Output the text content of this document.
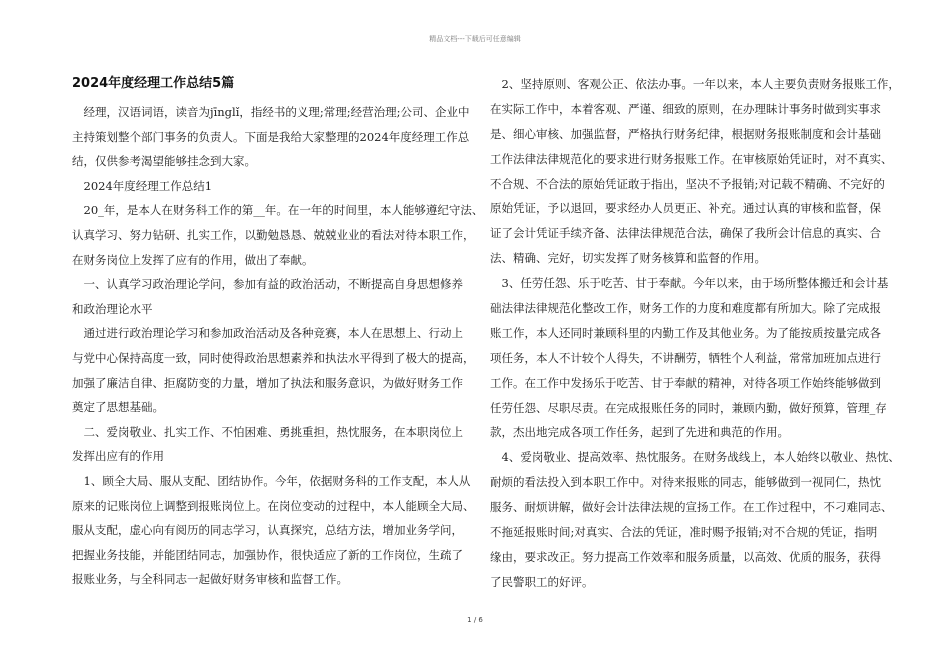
精品文档---下载后可任意编辑
2024年度经理工作总结5篇
　经理，汉语词语，读音为jīnglǐ，指经书的义理;常理;经营治理;公司、企业中
主持策划整个部门事务的负责人。下面是我给大家整理的2024年度经理工作总
结，仅供参考渴望能够挂念到大家。
　2024年度经理工作总结1
　20_年，是本人在财务科工作的第__年。在一年的时间里，本人能够遵纪守法、
认真学习、努力钻研、扎实工作，以勤勉恳恳、兢兢业业的看法对待本职工作，
在财务岗位上发挥了应有的作用，做出了奉献。
　一、认真学习政治理论学问，参加有益的政治活动，不断提高自身思想修养
和政治理论水平
　通过进行政治理论学习和参加政治活动及各种竞赛，本人在思想上、行动上
与党中心保持高度一致，同时使得政治思想素养和执法水平得到了极大的提高，
加强了廉洁自律、拒腐防变的力量，增加了执法和服务意识，为做好财务工作
奠定了思想基础。
　二、爱岗敬业、扎实工作、不怕困难、勇挑重担，热忱服务，在本职岗位上
发挥出应有的作用
　1、顾全大局、服从支配、团结协作。今年，依据财务科的工作支配，本人从
原来的记账岗位上调整到报账岗位上。在岗位变动的过程中，本人能顾全大局、
服从支配，虚心向有阅历的同志学习，认真探究，总结方法，增加业务学问，
把握业务技能，并能团结同志，加强协作，很快适应了新的工作岗位，生疏了
报账业务，与全科同志一起做好财务审核和监督工作。
　2、坚持原则、客观公正、依法办事。一年以来，本人主要负责财务报账工作，
在实际工作中，本着客观、严谨、细致的原则，在办理眛计事务时做到实事求
是、细心审核、加强监督，严格执行财务纪律，根据财务报账制度和会计基础
工作法律法律规范化的要求进行财务报账工作。在审核原始凭证时，对不真实、
不合规、不合法的原始凭证敢于指出，坚决不予报销;对记载不精确、不完好的
原始凭证，予以退回，要求经办人员更正、补充。通过认真的审核和监督，保
证了会计凭证手续齐备、法律法律规范合法，确保了我所会计信息的真实、合
法、精确、完好，切实发挥了财务核算和监督的作用。
　3、任劳任怨、乐于吃苦、甘于奉献。今年以来，由于场所整体搬迁和会计基
础法律法律规范化整改工作，财务工作的力度和难度都有所加大。除了完成报
账工作，本人还同时兼顾科里的内勤工作及其他业务。为了能按质按量完成各
项任务，本人不计较个人得失，不讲酬劳，牺牲个人利益，常常加班加点进行
工作。在工作中发扬乐于吃苦、甘于奉献的精神，对待各项工作始终能够做到
任劳任怨、尽职尽责。在完成报账任务的同时，兼顾内勤，做好预算，管理_存
款，杰出地完成各项工作任务，起到了先进和典范的作用。
　4、爱岗敬业、提高效率、热忱服务。在财务战线上，本人始终以敬业、热忱、
耐烦的看法投入到本职工作中。对待来报账的同志，能够做到一视同仁，热忱
服务、耐烦讲解，做好会计法律法规的宣扬工作。在工作过程中，不刁难同志、
不拖延报账时间;对真实、合法的凭证，准时赐予报销;对不合规的凭证，指明
缘由，要求改正。努力提高工作效率和服务质量，以高效、优质的服务，获得
了民警职工的好评。
1 / 6
